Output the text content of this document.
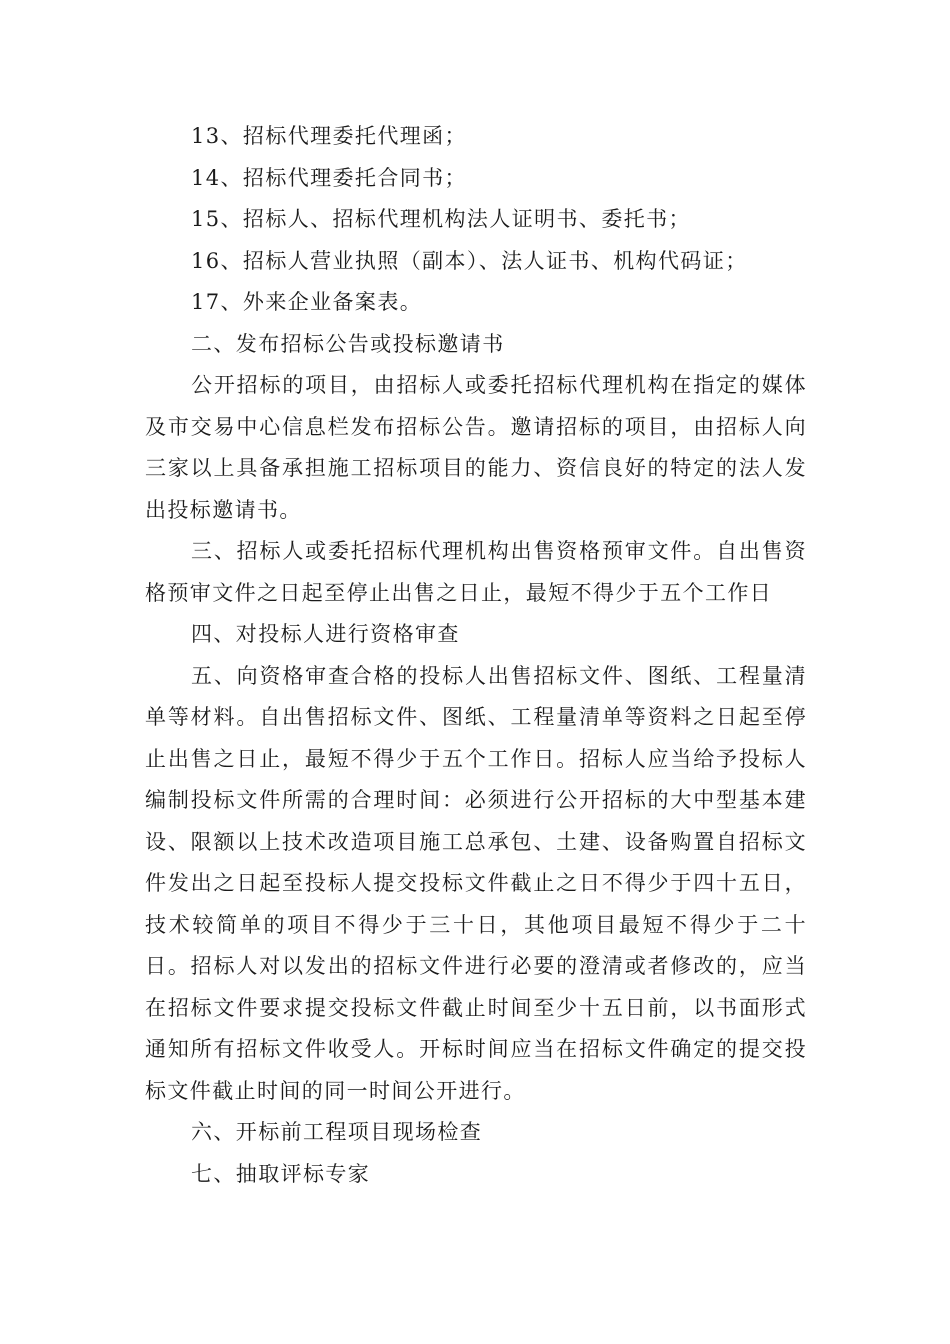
13、招标代理委托代理函；

14、招标代理委托合同书；

15、招标人、招标代理机构法人证明书、委托书；

16、招标人营业执照（副本）、法人证书、机构代码证；

17、外来企业备案表。

二、发布招标公告或投标邀请书

公开招标的项目，由招标人或委托招标代理机构在指定的媒体及市交易中心信息栏发布招标公告。邀请招标的项目，由招标人向三家以上具备承担施工招标项目的能力、资信良好的特定的法人发出投标邀请书。

三、招标人或委托招标代理机构出售资格预审文件。自出售资格预审文件之日起至停止出售之日止，最短不得少于五个工作日

四、对投标人进行资格审查

五、向资格审查合格的投标人出售招标文件、图纸、工程量清单等材料。自出售招标文件、图纸、工程量清单等资料之日起至停止出售之日止，最短不得少于五个工作日。招标人应当给予投标人编制投标文件所需的合理时间：必须进行公开招标的大中型基本建设、限额以上技术改造项目施工总承包、土建、设备购置自招标文件发出之日起至投标人提交投标文件截止之日不得少于四十五日，技术较简单的项目不得少于三十日，其他项目最短不得少于二十日。招标人对以发出的招标文件进行必要的澄清或者修改的，应当在招标文件要求提交投标文件截止时间至少十五日前，以书面形式通知所有招标文件收受人。开标时间应当在招标文件确定的提交投标文件截止时间的同一时间公开进行。

六、开标前工程项目现场检查

七、抽取评标专家
